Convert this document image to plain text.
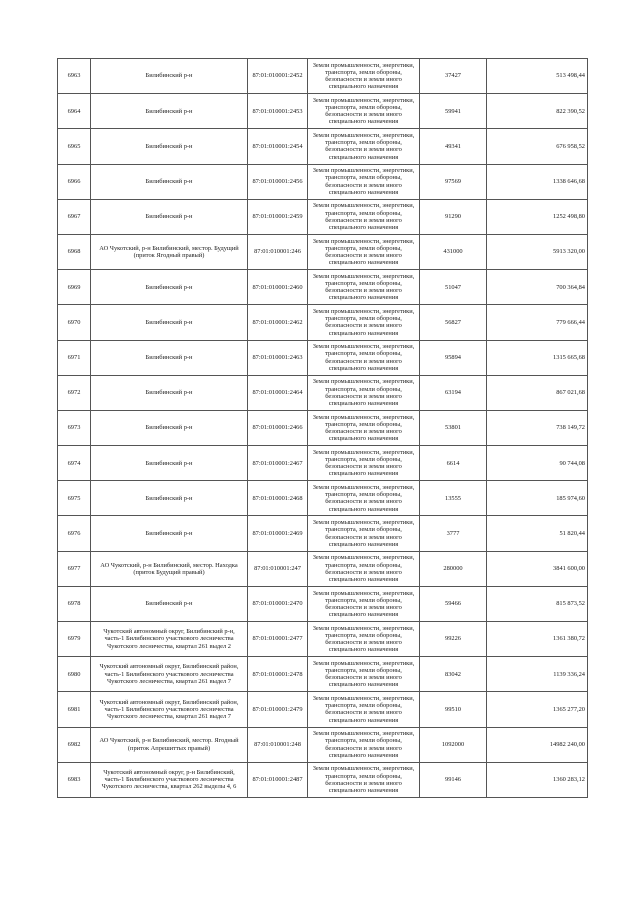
6963	Билибинский р-н	87:01:010001:2452	Земли промышленности, энергетики, транспорта, земли обороны, безопасности и земли иного специального назначения	37427	513 498,44

6964	Билибинский р-н	87:01:010001:2453	Земли промышленности, энергетики, транспорта, земли обороны, безопасности и земли иного специального назначения	59941	822 390,52

6965	Билибинский р-н	87:01:010001:2454	Земли промышленности, энергетики, транспорта, земли обороны, безопасности и земли иного специального назначения	49341	676 958,52

6966	Билибинский р-н	87:01:010001:2456	Земли промышленности, энергетики, транспорта, земли обороны, безопасности и земли иного специального назначения	97569	1338 646,68

6967	Билибинский р-н	87:01:010001:2459	Земли промышленности, энергетики, транспорта, земли обороны, безопасности и земли иного специального назначения	91290	1252 498,80

6968	АО Чукотский, р-н Билибинский, местор. Будущий (приток Ягодный правый)	87:01:010001:246	Земли промышленности, энергетики, транспорта, земли обороны, безопасности и земли иного специального назначения	431000	5913 320,00

6969	Билибинский р-н	87:01:010001:2460	Земли промышленности, энергетики, транспорта, земли обороны, безопасности и земли иного специального назначения	51047	700 364,84

6970	Билибинский р-н	87:01:010001:2462	Земли промышленности, энергетики, транспорта, земли обороны, безопасности и земли иного специального назначения	56827	779 666,44

6971	Билибинский р-н	87:01:010001:2463	Земли промышленности, энергетики, транспорта, земли обороны, безопасности и земли иного специального назначения	95894	1315 665,68

6972	Билибинский р-н	87:01:010001:2464	Земли промышленности, энергетики, транспорта, земли обороны, безопасности и земли иного специального назначения	63194	867 021,68

6973	Билибинский р-н	87:01:010001:2466	Земли промышленности, энергетики, транспорта, земли обороны, безопасности и земли иного специального назначения	53801	738 149,72

6974	Билибинский р-н	87:01:010001:2467	Земли промышленности, энергетики, транспорта, земли обороны, безопасности и земли иного специального назначения	6614	90 744,08

6975	Билибинский р-н	87:01:010001:2468	Земли промышленности, энергетики, транспорта, земли обороны, безопасности и земли иного специального назначения	13555	185 974,60

6976	Билибинский р-н	87:01:010001:2469	Земли промышленности, энергетики, транспорта, земли обороны, безопасности и земли иного специального назначения	3777	51 820,44

6977	АО Чукотский, р-н Билибинский, местор. Находка (приток Будущий правый)	87:01:010001:247	Земли промышленности, энергетики, транспорта, земли обороны, безопасности и земли иного специального назначения	280000	3841 600,00

6978	Билибинский р-н	87:01:010001:2470	Земли промышленности, энергетики, транспорта, земли обороны, безопасности и земли иного специального назначения	59466	815 873,52

6979	Чукотский автономный округ, Билибинский р-н, часть-1 Билибинского участкового лесничества Чукотского лесничества, квартал 261 выдел 2	87:01:010001:2477	Земли промышленности, энергетики, транспорта, земли обороны, безопасности и земли иного специального назначения	99226	1361 380,72

6980	Чукотский автономный округ, Билибинский район, часть-1 Билибинского участкового лесничества Чукотского лесничества, квартал 261 выдел 7	87:01:010001:2478	Земли промышленности, энергетики, транспорта, земли обороны, безопасности и земли иного специального назначения	83042	1139 336,24

6981	Чукотский автономный округ, Билибинский район, часть-1 Билибинского участкового лесничества Чукотского лесничества, квартал 261 выдел 7	87:01:010001:2479	Земли промышленности, энергетики, транспорта, земли обороны, безопасности и земли иного специального назначения	99510	1365 277,20

6982	АО Чукотский, р-н Билибинский, местор. Ягодный (приток Апрешиттых правый)	87:01:010001:248	Земли промышленности, энергетики, транспорта, земли обороны, безопасности и земли иного специального назначения	1092000	14982 240,00

6983	Чукотский автономный округ, р-н Билибинский, часть-1 Билибинского участкового лесничества Чукотского лесничества, квартал 262 выделы 4, 6	87:01:010001:2487	Земли промышленности, энергетики, транспорта, земли обороны, безопасности и земли иного специального назначения	99146	1360 283,12
